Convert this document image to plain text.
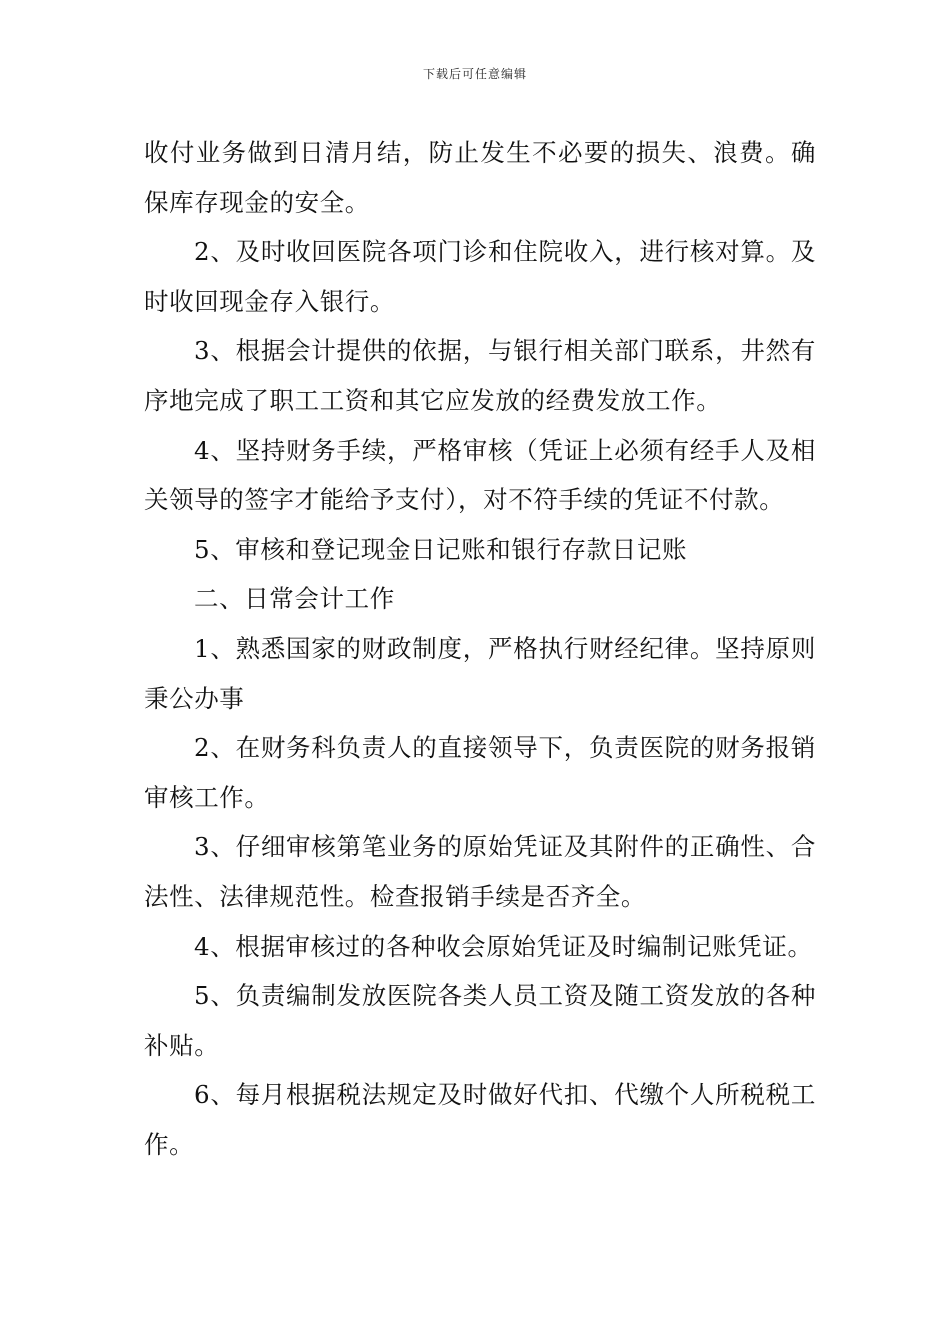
下载后可任意编辑

收付业务做到日清月结，防止发生不必要的损失、浪费。确保库存现金的安全。

2、及时收回医院各项门诊和住院收入，进行核对算。及时收回现金存入银行。

3、根据会计提供的依据，与银行相关部门联系，井然有序地完成了职工工资和其它应发放的经费发放工作。

4、坚持财务手续，严格审核（凭证上必须有经手人及相关领导的签字才能给予支付），对不符手续的凭证不付款。

5、审核和登记现金日记账和银行存款日记账

二、日常会计工作

1、熟悉国家的财政制度，严格执行财经纪律。坚持原则秉公办事

2、在财务科负责人的直接领导下，负责医院的财务报销审核工作。

3、仔细审核第笔业务的原始凭证及其附件的正确性、合法性、法律规范性。检查报销手续是否齐全。

4、根据审核过的各种收会原始凭证及时编制记账凭证。

5、负责编制发放医院各类人员工资及随工资发放的各种补贴。

6、每月根据税法规定及时做好代扣、代缴个人所税税工作。
